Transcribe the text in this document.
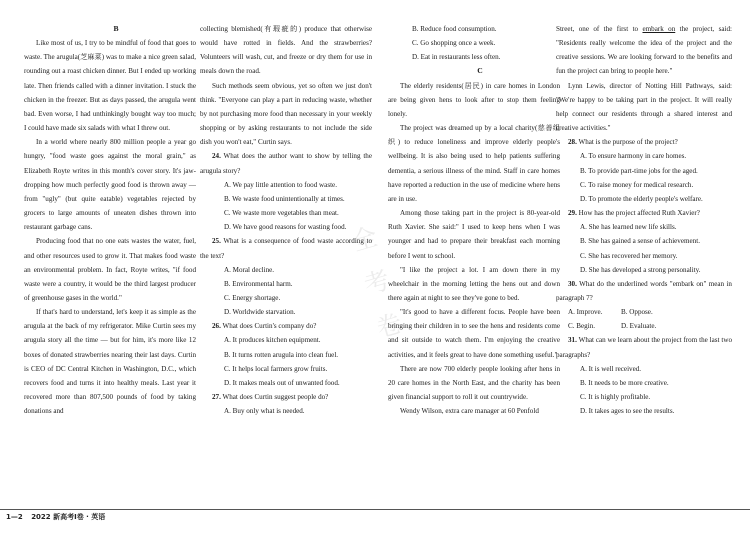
B

Like most of us, I try to be mindful of food that goes to waste. The arugula(芝麻菜) was to make a nice green salad, rounding out a roast chicken dinner. But I ended up working late. Then friends called with a dinner invitation. I stuck the chicken in the freezer. But as days passed, the arugula went bad. Even worse, I had unthinkingly bought way too much; I could have made six salads with what I threw out.

In a world where nearly 800 million people a year go hungry, "food waste goes against the moral grain," as Elizabeth Royte writes in this month's cover story. It's jaw-dropping how much perfectly good food is thrown away — from "ugly" (but quite eatable) vegetables rejected by grocers to large amounts of uneaten dishes thrown into restaurant garbage cans.

Producing food that no one eats wastes the water, fuel, and other resources used to grow it. That makes food waste an environmental problem. In fact, Royte writes, "if food waste were a country, it would be the third largest producer of greenhouse gases in the world."

If that's hard to understand, let's keep it as simple as the arugula at the back of my refrigerator. Mike Curtin sees my arugula story all the time — but for him, it's more like 12 boxes of donated strawberries nearing their last days. Curtin is CEO of DC Central Kitchen in Washington, D.C., which recovers food and turns it into healthy meals. Last year it recovered more than 807,500 pounds of food by taking donations and

collecting blemished(有瑕疵的) produce that otherwise would have rotted in fields. And the strawberries? Volunteers will wash, cut, and freeze or dry them for use in meals down the road.

Such methods seem obvious, yet so often we just don't think. "Everyone can play a part in reducing waste, whether by not purchasing more food than necessary in your weekly shopping or by asking restaurants to not include the side dish you won't eat," Curtin says.

24. What does the author want to show by telling the arugula story?

A. We pay little attention to food waste.

B. We waste food unintentionally at times.

C. We waste more vegetables than meat.

D. We have good reasons for wasting food.

25. What is a consequence of food waste according to the text?

A. Moral decline.

B. Environmental harm.

C. Energy shortage.

D. Worldwide starvation.

26. What does Curtin's company do?

A. It produces kitchen equipment.

B. It turns rotten arugula into clean fuel.

C. It helps local farmers grow fruits.

D. It makes meals out of unwanted food.

27. What does Curtin suggest people do?

A. Buy only what is needed.

B. Reduce food consumption.

C. Go shopping once a week.

D. Eat in restaurants less often.

C

The elderly residents(居民) in care homes in London are being given hens to look after to stop them feeling lonely.

The project was dreamed up by a local charity(慈善组织) to reduce loneliness and improve elderly people's wellbeing. It is also being used to help patients suffering dementia, a serious illness of the mind. Staff in care homes have reported a reduction in the use of medicine where hens are in use.

Among those taking part in the project is 80-year-old Ruth Xavier. She said:" I used to keep hens when I was younger and had to prepare their breakfast each morning before I went to school.

"I like the project a lot. I am down there in my wheelchair in the morning letting the hens out and down there again at night to see they've gone to bed.

"It's good to have a different focus. People have been bringing their children in to see the hens and residents come and sit outside to watch them. I'm enjoying the creative activities, and it feels great to have done something useful."

There are now 700 elderly people looking after hens in 20 care homes in the North East, and the charity has been given financial support to roll it out countrywide.

Wendy Wilson, extra care manager at 60 Penfold

Street, one of the first to embark on the project, said: "Residents really welcome the idea of the project and the creative sessions. We are looking forward to the benefits and fun the project can bring to people here."

Lynn Lewis, director of Notting Hill Pathways, said: "We're happy to be taking part in the project. It will really help connect our residents through a shared interest and creative activities."

28. What is the purpose of the project?

A. To ensure harmony in care homes.

B. To provide part-time jobs for the aged.

C. To raise money for medical research.

D. To promote the elderly people's welfare.

29. How has the project affected Ruth Xavier?

A. She has learned new life skills.

B. She has gained a sense of achievement.

C. She has recovered her memory.

D. She has developed a strong personality.

30. What do the underlined words "embark on" mean in paragraph 7?

A. Improve.	B. Oppose.
C. Begin.	D. Evaluate.

31. What can we learn about the project from the last two paragraphs?

A. It is well received.

B. It needs to be more creative.

C. It is highly profitable.

D. It takes ages to see the results.

全
考
卷
1—2 2022 新高考Ⅰ卷 · 英语
